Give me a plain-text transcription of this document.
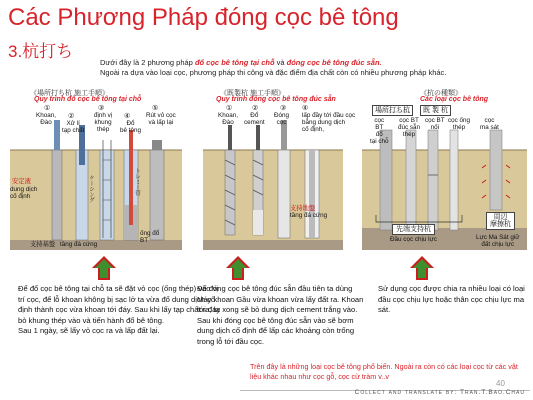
Các Phương Pháp đóng cọc bê tông
3.杭打ち
Dưới đây là 2 phương pháp đổ cọc bê tông tại chỗ và đóng cọc bê tông đúc sẵn.
Ngoài ra dựa vào loại cọc, phương pháp thi công và đặc điểm địa chất còn có nhiều phương pháp khác.
《場所打ち杭 施工手順》
Quy trình đổ cọc bê tông tại chỗ
①
Khoan,
Đào
②
Xử lí
tạp chất
③
định vị
khung
thép
④
Đổ
bê tông
⑤
Rút vỏ cọc
và lấp lại
安定液
dung dịch
cố định	ケーシング	トレミー管
ống đổ
BT
支持基盤 tầng đá cứng
Để đổ cọc bê tông tại chỗ ta sẽ đặt vỏ cọc (ống thép) vào vị trí cọc, để lỗ khoan không bị sạc lở ta vừa đổ dung dịch cố định thành cọc vừa khoan tới đáy. Sau khi lấy tạp chất ra, ta bỏ khung thép vào và tiến hành đổ bê tông.
Sau 1 ngày, sẽ lấy vỏ cọc ra và lấp đất lại.
《既製杭 施工手順》
Quy trình đóng cọc bê tông đúc sẵn
①
Khoan,
Đào
②
Đổ
cement
③
Đóng
cọc
④
lấp đầy tới đầu cọc
bằng dung dịch
cố định,
支持地盤
tầng đá cứng
Để đóng cọc bê tông đúc sẵn đầu tiên ta dùng Máy khoan Gầu vừa khoan vừa lấy đất ra. Khoan tới đáy xong sẽ bỏ dung dịch cement trắng vào. Sau khi đóng cọc bê tông đúc sẵn vào sẽ bơm dung dịch cố định để lấp các khoảng còn trống trong lỗ tới đầu cọc.
《杭の種類》
Các loại cọc bê tông
場所打ち杭	既 製 杭
cọc
BT
đổ
tại chỗ
cọc BT
đúc sẵn
thép
cọc BT
nối
cọc ống
thép
cọc
ma sát
先端支持杭
Đầu cọc chịu lực
周辺
摩擦杭
Lực Ma Sát giữ
đất chịu lực
Sử dụng cọc được chia ra nhiều loại có loại đầu cọc chịu lực hoặc thân cọc chịu lực ma sát.
Trên đây là những loại cọc bê tông phổ biến. Ngoài ra còn có các loại cọc từ các vật liệu khác nhau như cọc gỗ, cọc cừ tràm v..v
40
Collect and translate by: Tran.T.Bao.Chau
